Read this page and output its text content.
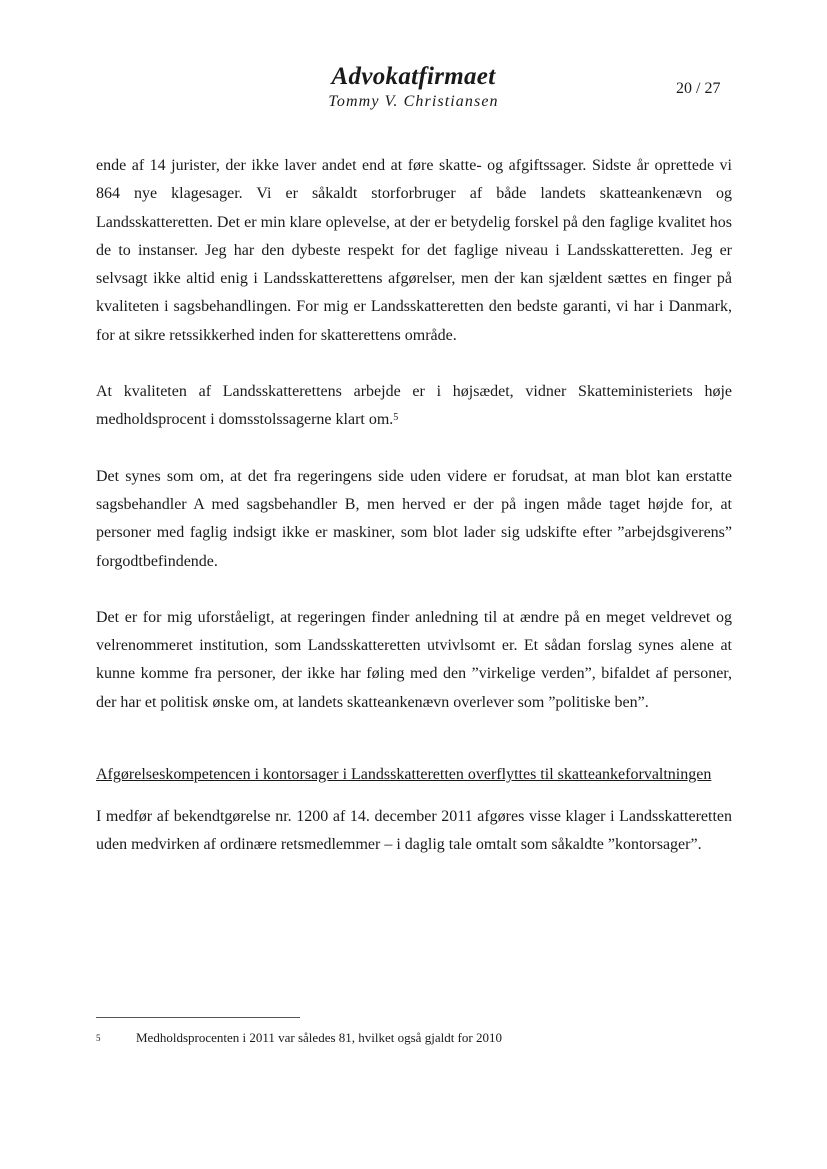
Advokatfirmaet
Tommy V. Christiansen
20 / 27

ende af 14 jurister, der ikke laver andet end at føre skatte- og afgiftssager. Sidste år oprettede vi 864 nye klagesager. Vi er såkaldt storforbruger af både landets skatteankenævn og Landsskatteretten. Det er min klare oplevelse, at der er betydelig forskel på den faglige kvalitet hos de to instanser. Jeg har den dybeste respekt for det faglige niveau i Landsskatteretten. Jeg er selvsagt ikke altid enig i Landsskatterettens afgørelser, men der kan sjældent sættes en finger på kvaliteten i sagsbehandlingen. For mig er Landsskatteretten den bedste garanti, vi har i Danmark, for at sikre retssikkerhed inden for skatterettens område.

At kvaliteten af Landsskatterettens arbejde er i højsædet, vidner Skatteministeriets høje medholdsprocent i domsstolssagerne klart om.$^5$

Det synes som om, at det fra regeringens side uden videre er forudsat, at man blot kan erstatte sagsbehandler A med sagsbehandler B, men herved er der på ingen måde taget højde for, at personer med faglig indsigt ikke er maskiner, som blot lader sig udskifte efter ”arbejdsgiverens” forgodtbefindende.

Det er for mig uforståeligt, at regeringen finder anledning til at ændre på en meget veldrevet og velrenommeret institution, som Landsskatteretten utvivlsomt er. Et sådan forslag synes alene at kunne komme fra personer, der ikke har føling med den ”virkelige verden”, bifaldet af personer, der har et politisk ønske om, at landets skatteankenævn overlever som ”politiske ben”.

Afgørelseskompetencen i kontorsager i Landsskatteretten overflyttes til skatteankeforvaltningen

I medfør af bekendtgørelse nr. 1200 af 14. december 2011 afgøres visse klager i Landsskatteretten uden medvirken af ordinære retsmedlemmer – i daglig tale omtalt som såkaldte ”kontorsager”.

5	Medholdsprocenten i 2011 var således 81, hvilket også gjaldt for 2010
